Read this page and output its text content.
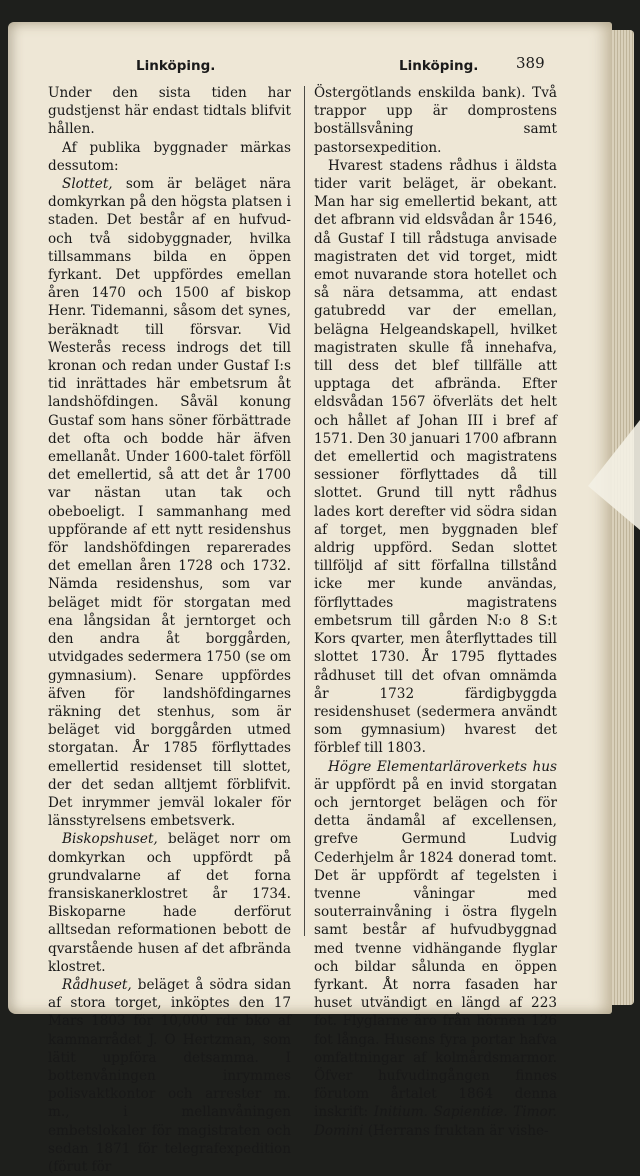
Linköping.	Linköping.	389

Under den sista tiden har gudstjenst här endast tidtals blifvit hållen.

Af publika byggnader märkas dessutom:

Slottet, som är beläget nära domkyrkan på den högsta platsen i staden. Det består af en hufvud- och två sidobyggnader, hvilka tillsammans bilda en öppen fyrkant. Det uppfördes emellan åren 1470 och 1500 af biskop Henr. Tidemanni, såsom det synes, beräknadt till försvar. Vid Westerås recess indrogs det till kronan och redan under Gustaf I:s tid inrättades här embetsrum åt landshöfdingen. Såväl konung Gustaf som hans söner förbättrade det ofta och bodde här äfven emellanåt. Under 1600-talet förföll det emellertid, så att det år 1700 var nästan utan tak och obeboeligt. I sammanhang med uppförande af ett nytt residenshus för landshöfdingen reparerades det emellan åren 1728 och 1732. Nämda residenshus, som var beläget midt för storgatan med ena långsidan åt jerntorget och den andra åt borggården, utvidgades sedermera 1750 (se om gymnasium). Senare uppfördes äfven för landshöfdingarnes räkning det stenhus, som är beläget vid borggården utmed storgatan. År 1785 förflyttades emellertid residenset till slottet, der det sedan alltjemt förblifvit. Det inrymmer jemväl lokaler för länsstyrelsens embetsverk.

Biskopshuset, beläget norr om domkyrkan och uppfördt på grundvalarne af det forna fransiskanerklostret år 1734. Biskoparne hade derförut alltsedan reformationen bebott de qvarstående husen af det afbrända klostret.

Rådhuset, beläget å södra sidan af stora torget, inköptes den 17 Mars 1803 för 10,000 rdr bko af kammarrådet J. O Hertzman, som lätit uppföra detsamma. I bottenvåningen inrymmes polisvaktkontor och arrester m. m., i mellanvåningen embetslokaler för magistraten och sedan 1871 för telegrafexpedition (förut för

Östergötlands enskilda bank). Två trappor upp är domprostens boställsvåning samt pastorsexpedition.

Hvarest stadens rådhus i äldsta tider varit beläget, är obekant. Man har sig emellertid bekant, att det afbrann vid eldsvådan år 1546, då Gustaf I till rådstuga anvisade magistraten det vid torget, midt emot nuvarande stora hotellet och så nära detsamma, att endast gatubredd var der emellan, belägna Helgeandskapell, hvilket magistraten skulle få innehafva, till dess det blef tillfälle att upptaga det afbrända. Efter eldsvådan 1567 öfverläts det helt och hållet af Johan III i bref af 1571. Den 30 januari 1700 afbrann det emellertid och magistratens sessioner förflyttades då till slottet. Grund till nytt rådhus lades kort derefter vid södra sidan af torget, men byggnaden blef aldrig uppförd. Sedan slottet tillföljd af sitt förfallna tillstånd icke mer kunde användas, förflyttades magistratens embetsrum till gården N:o 8 S:t Kors qvarter, men återflyttades till slottet 1730. År 1795 flyttades rådhuset till det ofvan omnämda år 1732 färdigbyggda residenshuset (sedermera användt som gymnasium) hvarest det förblef till 1803.

Högre Elementarläroverkets hus är uppfördt på en invid storgatan och jerntorget belägen och för detta ändamål af excellensen, grefve Germund Ludvig Cederhjelm år 1824 donerad tomt. Det är uppfördt af tegelsten i tvenne våningar med souterrainvåning i östra flygeln samt består af hufvudbyggnad med tvenne vidhängande flyglar och bildar sålunda en öppen fyrkant. Åt norra fasaden har huset utvändigt en längd af 223 fot. Flyglarne äro från hörnen 126 fot långa. Husens fyra portar hafva omfattningar af kolmårdsmarmor. Öfver hufvudingången finnes förutom årtalet 1864 denna inskrift: Initium. Sapientiæ. Timor. Domini (Herrans fruktan är vishe-
